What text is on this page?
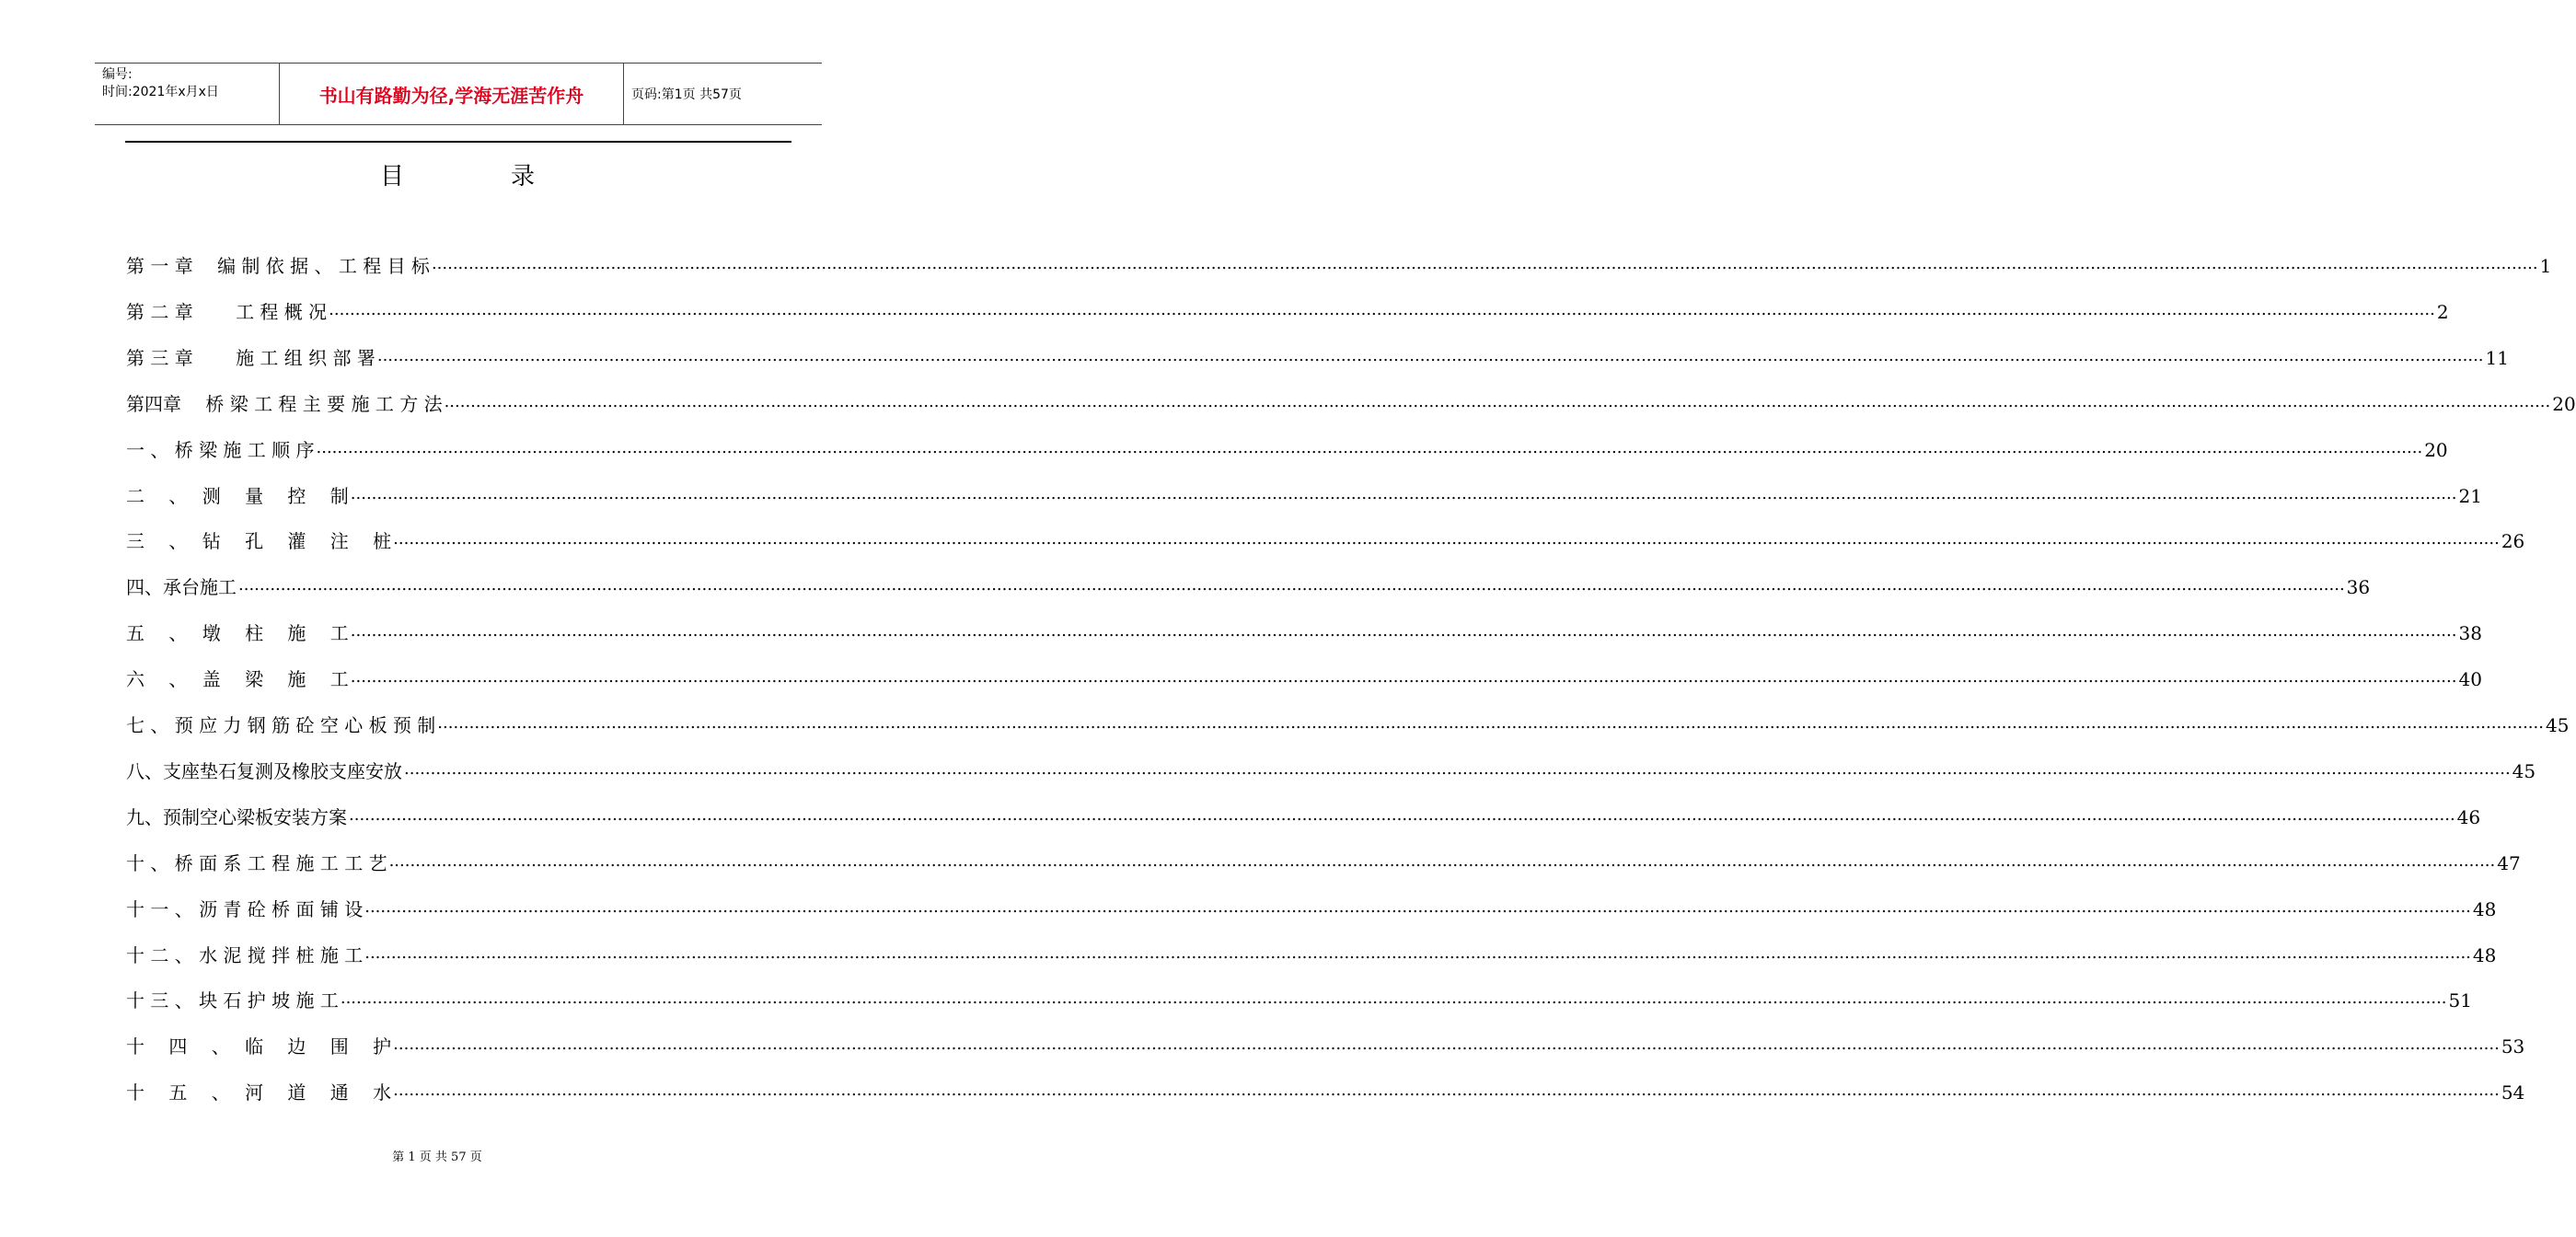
编号:
时间:2021年x月x日	书山有路勤为径,学海无涯苦作舟	页码:第1页 共57页
目	录
第 一 章　 编 制 依 据 、 工 程 目 标 ................................................................................................................................................................................................................................................................................................................................................................................................................ 1
第 二 章　　 工 程 概 况 ................................................................................................................................................................................................................................................................................................................................................................................................................ 2
第 三 章　　 施 工 组 织 部 署 ................................................................................................................................................................................................................................................................................................................................................................................................................ 11
第四章　 桥 梁 工 程 主 要 施 工 方 法 ................................................................................................................................................................................................................................................................................................................................................................................................................ 20
一 、 桥 梁 施 工 顺 序 ................................................................................................................................................................................................................................................................................................................................................................................................................ 20
二　 、　 测　 量　 控　 制 ................................................................................................................................................................................................................................................................................................................................................................................................................ 21
三　 、　 钻　 孔　 灌　 注　 桩 ................................................................................................................................................................................................................................................................................................................................................................................................................ 26
四、承台施工 ................................................................................................................................................................................................................................................................................................................................................................................................................ 36
五　 、　 墩　 柱　 施　 工 ................................................................................................................................................................................................................................................................................................................................................................................................................ 38
六　 、　 盖　 梁　 施　 工 ................................................................................................................................................................................................................................................................................................................................................................................................................ 40
七 、 预 应 力 钢 筋 砼 空 心 板 预 制 ................................................................................................................................................................................................................................................................................................................................................................................................................ 45
八、支座垫石复测及橡胶支座安放 ................................................................................................................................................................................................................................................................................................................................................................................................................ 45
九、预制空心梁板安装方案 ................................................................................................................................................................................................................................................................................................................................................................................................................ 46
十 、 桥 面 系 工 程 施 工 工 艺 ................................................................................................................................................................................................................................................................................................................................................................................................................ 47
十 一 、 沥 青 砼 桥 面 铺 设 ................................................................................................................................................................................................................................................................................................................................................................................................................ 48
十 二 、 水 泥 搅 拌 桩 施 工 ................................................................................................................................................................................................................................................................................................................................................................................................................ 48
十 三 、 块 石 护 坡 施 工 ................................................................................................................................................................................................................................................................................................................................................................................................................ 51
十　 四　 、　 临　 边　 围　 护 ................................................................................................................................................................................................................................................................................................................................................................................................................ 53
十　 五　 、　 河　 道　 通　 水 ................................................................................................................................................................................................................................................................................................................................................................................................................ 54
第 1 页 共 57 页
